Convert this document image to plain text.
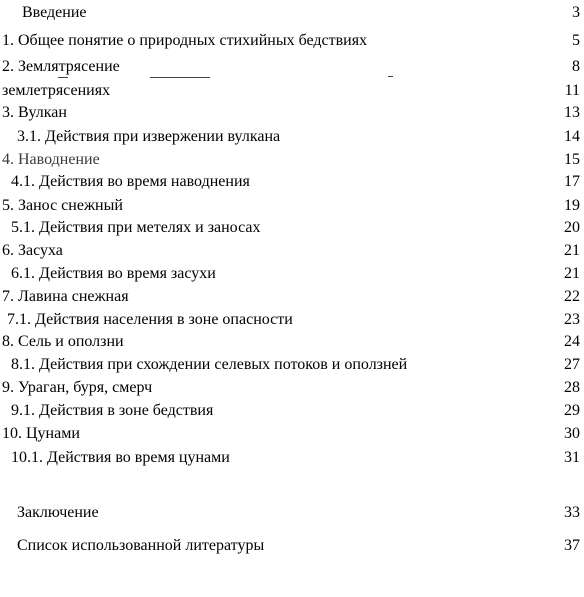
Введение	3
1. Общее понятие о природных стихийных бедствиях	5
2. Землятрясение	8
землетрясениях	11
3. Вулкан	13
3.1. Действия при извержении вулкана	14
4. Наводнение	15
4.1. Действия во время наводнения	17
5. Занос снежный	19
5.1. Действия при метелях и заносах	20
6. Засуха	21
6.1. Действия во время засухи	21
7. Лавина снежная	22
7.1. Действия населения в зоне опасности	23
8. Сель и оползни	24
8.1. Действия при схождении селевых потоков и оползней	27
9. Ураган, буря, смерч	28
9.1. Действия в зоне бедствия	29
10. Цунами	30
10.1. Действия во время цунами	31
Заключение	33
Список использованной литературы	37
